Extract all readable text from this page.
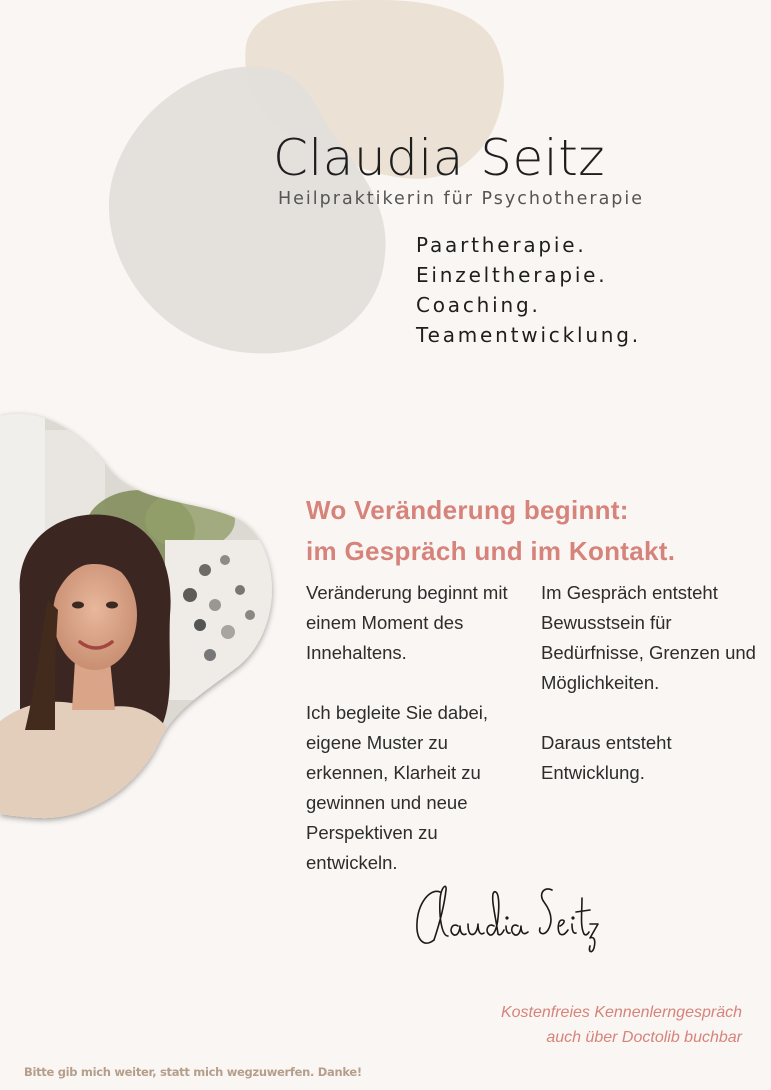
Claudia Seitz
Heilpraktikerin für Psychotherapie
Paartherapie.
Einzeltherapie.
Coaching.
Teamentwicklung.
Wo Veränderung beginnt:
im Gespräch und im Kontakt.

Veränderung beginnt mit einem Moment des Innehaltens.

Ich begleite Sie dabei, eigene Muster zu erkennen, Klarheit zu gewinnen und neue Perspektiven zu entwickeln.

Im Gespräch entsteht Bewusstsein für Bedürfnisse, Grenzen und Möglichkeiten.

Daraus entsteht Entwicklung.

Kostenfreies Kennenlerngespräch
auch über Doctolib buchbar
Bitte gib mich weiter, statt mich wegzuwerfen. Danke!
